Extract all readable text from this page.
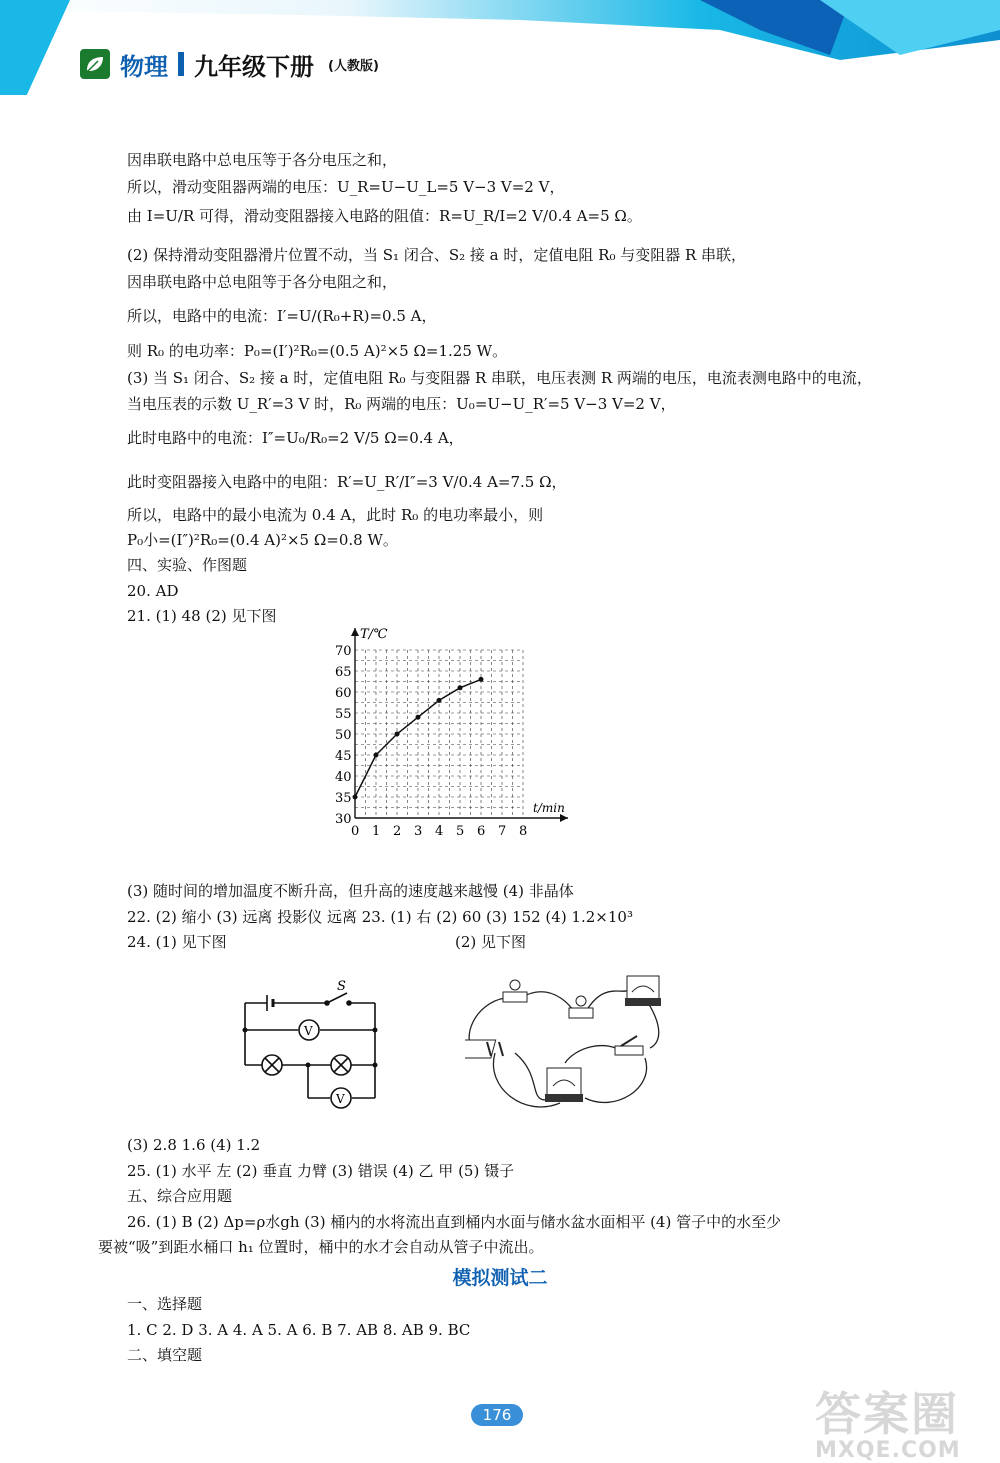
物理 九年级下册 (人教版)
因串联电路中总电压等于各分电压之和，
所以，滑动变阻器两端的电压：U_R=U−U_L=5 V−3 V=2 V，
由 I=U/R 可得，滑动变阻器接入电路的阻值：R=U_R/I=2 V/0.4 A=5 Ω。
(2) 保持滑动变阻器滑片位置不动，当 S₁ 闭合、S₂ 接 a 时，定值电阻 R₀ 与变阻器 R 串联，
因串联电路中总电阻等于各分电阻之和，
所以，电路中的电流：I′=U/(R₀+R)=0.5 A，
则 R₀ 的电功率：P₀=(I′)²R₀=(0.5 A)²×5 Ω=1.25 W。
(3) 当 S₁ 闭合、S₂ 接 a 时，定值电阻 R₀ 与变阻器 R 串联，电压表测 R 两端的电压，电流表测电路中的电流，
当电压表的示数 U_R′=3 V 时，R₀ 两端的电压：U₀=U−U_R′=5 V−3 V=2 V，
此时电路中的电流：I″=U₀/R₀=2 V/5 Ω=0.4 A，
此时变阻器接入电路中的电阻：R′=U_R′/I″=3 V/0.4 A=7.5 Ω，
所以，电路中的最小电流为 0.4 A，此时 R₀ 的电功率最小，则
P₀小=(I″)²R₀=(0.4 A)²×5 Ω=0.8 W。
四、实验、作图题
20. AD
21. (1) 48 (2) 见下图
0 1 2 3 4 5 6 7 8
30
35
40
45
50
55
60
65
70
T/℃
t/min
(3) 随时间的增加温度不断升高，但升高的速度越来越慢 (4) 非晶体
22. (2) 缩小 (3) 远离 投影仪 远离 23. (1) 右 (2) 60 (3) 152 (4) 1.2×10³
24. (1) 见下图	(2) 见下图
S
V
V
(3) 2.8 1.6 (4) 1.2
25. (1) 水平 左 (2) 垂直 力臂 (3) 错误 (4) 乙 甲 (5) 镊子
五、综合应用题
26. (1) B (2) Δp=ρ水gh (3) 桶内的水将流出直到桶内水面与储水盆水面相平 (4) 管子中的水至少
要被“吸”到距水桶口 h₁ 位置时，桶中的水才会自动从管子中流出。
模拟测试二
一、选择题
1. C 2. D 3. A 4. A 5. A 6. B 7. AB 8. AB 9. BC
二、填空题
176	答案圈
MXQE.COM
